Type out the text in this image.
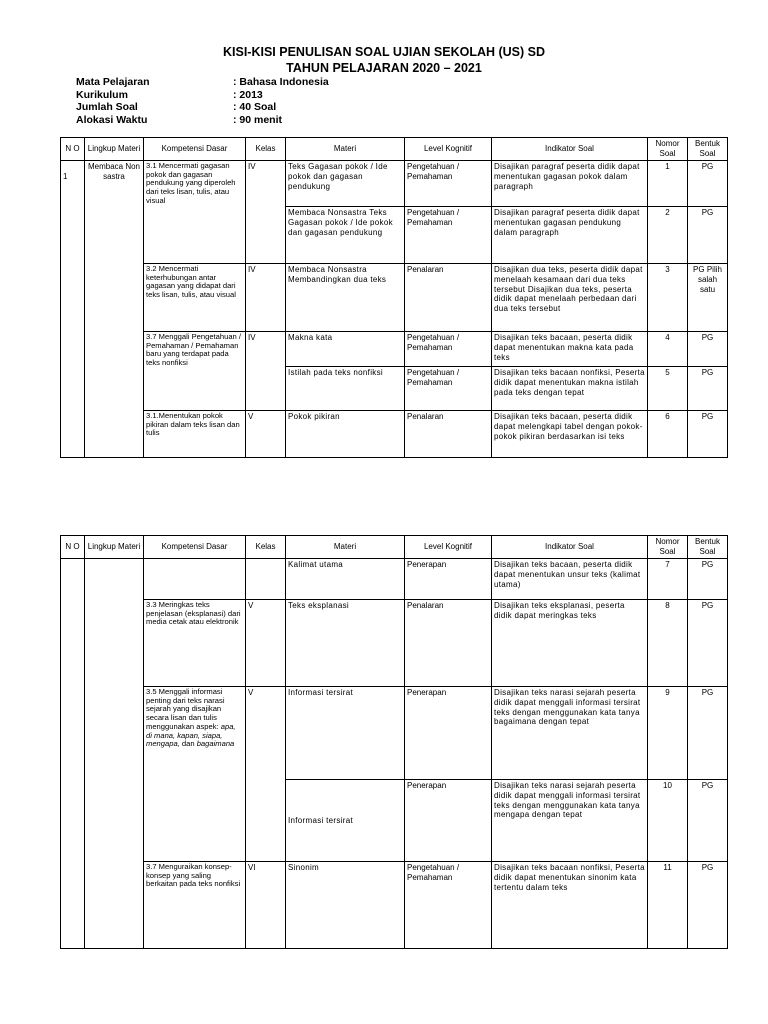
KISI-KISI PENULISAN SOAL UJIAN SEKOLAH (US) SD
TAHUN PELAJARAN 2020 – 2021
Mata Pelajaran	: Bahasa Indonesia
Kurikulum	: 2013
Jumlah Soal	: 40 Soal
Alokasi Waktu	: 90 menit
N O	Lingkup Materi	Kompetensi Dasar	Kelas	Materi	Level Kognitif	Indikator Soal	Nomor Soal	Bentuk Soal

1	Membaca Non sastra	3.1 Mencermati gagasan pokok dan gagasan pendukung yang diperoleh dari teks lisan, tulis, atau visual	IV	Teks Gagasan pokok / Ide pokok dan gagasan pendukung	Pengetahuan / Pemahaman	Disajikan paragraf peserta didik dapat menentukan gagasan pokok dalam paragraph	1	PG
				Membaca Nonsastra Teks Gagasan pokok / Ide pokok dan gagasan pendukung	Pengetahuan / Pemahaman	Disajikan paragraf peserta didik dapat menentukan gagasan pendukung dalam paragraph	2	PG
		3.2 Mencermati keterhubungan antar gagasan yang didapat dari teks lisan, tulis, atau visual	IV	Membaca Nonsastra Membandingkan dua teks	Penalaran	Disajikan dua teks, peserta didik dapat menelaah kesamaan dari dua teks tersebut Disajikan dua teks, peserta didik dapat menelaah perbedaan dari dua teks tersebut	3	PG Pilih salah satu
		3.7 Menggali Pengetahuan / Pemahaman / Pemahaman baru yang terdapat pada teks nonfiksi	IV	Makna kata	Pengetahuan / Pemahaman	Disajikan teks bacaan, peserta didik dapat menentukan makna kata pada teks	4	PG
				Istilah pada teks nonfiksi	Pengetahuan / Pemahaman	Disajikan teks bacaan nonfiksi, Peserta didik dapat menentukan makna istilah pada teks dengan tepat	5	PG
		3.1.Menentukan pokok pikiran dalam teks lisan dan tulis	V	Pokok pikiran	Penalaran	Disajikan teks bacaan, peserta didik dapat melengkapi tabel dengan pokok-pokok pikiran berdasarkan isi teks	6	PG
N O	Lingkup Materi	Kompetensi Dasar	Kelas	Materi	Level Kognitif	Indikator Soal	Nomor Soal	Bentuk Soal
				Kalimat utama	Penerapan	Disajikan teks bacaan, peserta didik dapat menentukan unsur teks (kalimat utama)	7	PG
		3.3 Meringkas teks penjelasan (eksplanasi) dari media cetak atau elektronik	V	Teks eksplanasi	Penalaran	Disajikan teks eksplanasi, peserta didik dapat meringkas teks	8	PG
		3.5 Menggali informasi penting dari teks narasi sejarah yang disajikan secara lisan dan tulis menggunakan aspek: apa, di mana, kapan, siapa, mengapa, dan bagaimana	V	Informasi tersirat	Penerapan	Disajikan teks narasi sejarah peserta didik dapat menggali informasi tersirat teks dengan menggunakan kata tanya bagaimana dengan tepat	9	PG
				Informasi tersirat	Penerapan	Disajikan teks narasi sejarah peserta didik dapat menggali informasi tersirat teks dengan menggunakan kata tanya mengapa dengan tepat	10	PG
		3.7 Menguraikan konsep-konsep yang saling berkaitan pada teks nonfiksi	VI	Sinonim	Pengetahuan / Pemahaman	Disajikan teks bacaan nonfiksi, Peserta didik dapat menentukan sinonim kata tertentu dalam teks	11	PG
